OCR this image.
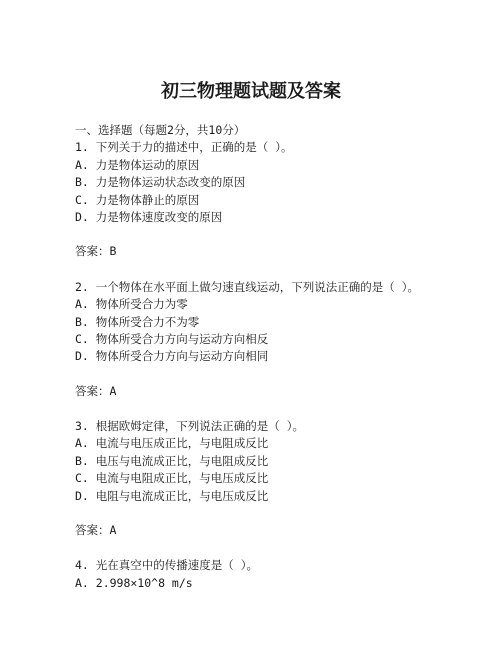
初三物理题试题及答案
一、选择题（每题2分，共10分）
1. 下列关于力的描述中，正确的是（ ）。
A. 力是物体运动的原因
B. 力是物体运动状态改变的原因
C. 力是物体静止的原因
D. 力是物体速度改变的原因
答案：B
2. 一个物体在水平面上做匀速直线运动，下列说法正确的是（ ）。
A. 物体所受合力为零
B. 物体所受合力不为零
C. 物体所受合力方向与运动方向相反
D. 物体所受合力方向与运动方向相同
答案：A
3. 根据欧姆定律，下列说法正确的是（ ）。
A. 电流与电压成正比，与电阻成反比
B. 电压与电流成正比，与电阻成反比
C. 电流与电阻成正比，与电压成反比
D. 电阻与电流成正比，与电压成反比
答案：A
4. 光在真空中的传播速度是（ ）。
A. 2.998×10^8 m/s
